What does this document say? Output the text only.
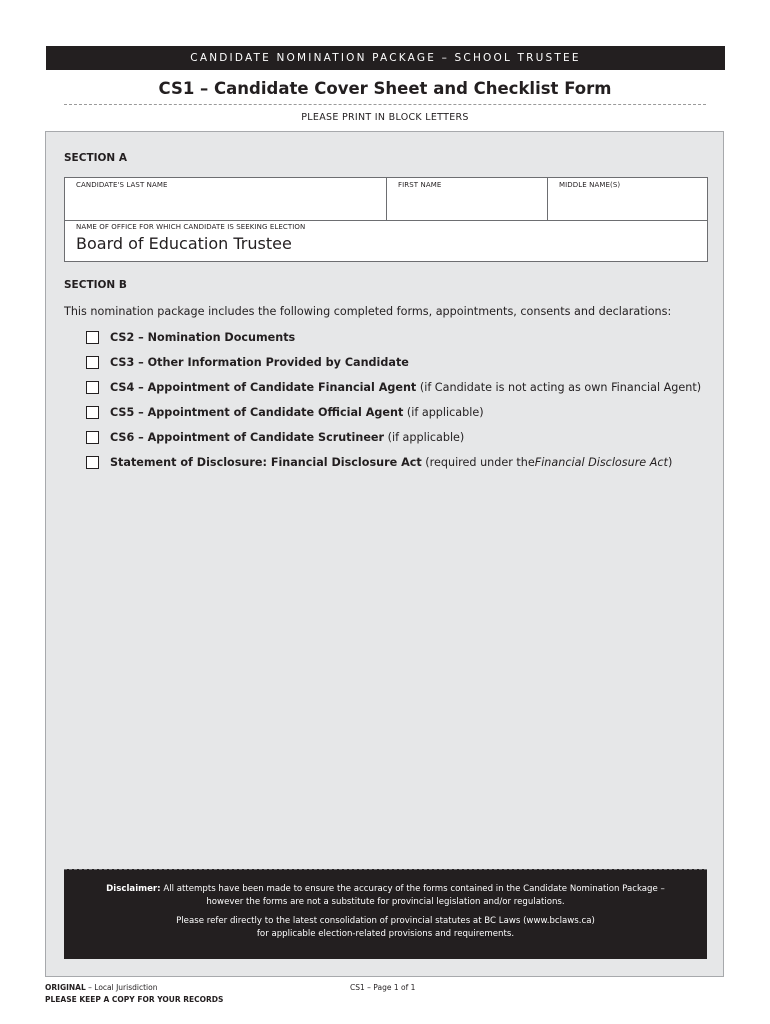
CANDIDATE NOMINATION PACKAGE – SCHOOL TRUSTEE
CS1 – Candidate Cover Sheet and Checklist Form
PLEASE PRINT IN BLOCK LETTERS
SECTION A
CANDIDATE'S LAST NAME	FIRST NAME	MIDDLE NAME(S)
NAME OF OFFICE FOR WHICH CANDIDATE IS SEEKING ELECTION
Board of Education Trustee
SECTION B
This nomination package includes the following completed forms, appointments, consents and declarations:
CS2 – Nomination Documents
CS3 – Other Information Provided by Candidate
CS4 – Appointment of Candidate Financial Agent
(if Candidate is not acting as own Financial Agent)
CS5 – Appointment of Candidate Official Agent
(if applicable)
CS6 – Appointment of Candidate Scrutineer
(if applicable)
Statement of Disclosure: Financial Disclosure Act
(required under the Financial Disclosure Act )

Disclaimer: All attempts have been made to ensure the accuracy of the forms contained in the Candidate Nomination Package –
however the forms are not a substitute for provincial legislation and/or regulations.

Please refer directly to the latest consolidation of provincial statutes at BC Laws (www.bclaws.ca)
for applicable election-related provisions and requirements.

ORIGINAL – Local Jurisdiction
PLEASE KEEP A COPY FOR YOUR RECORDS
CS1 – Page 1 of 1
